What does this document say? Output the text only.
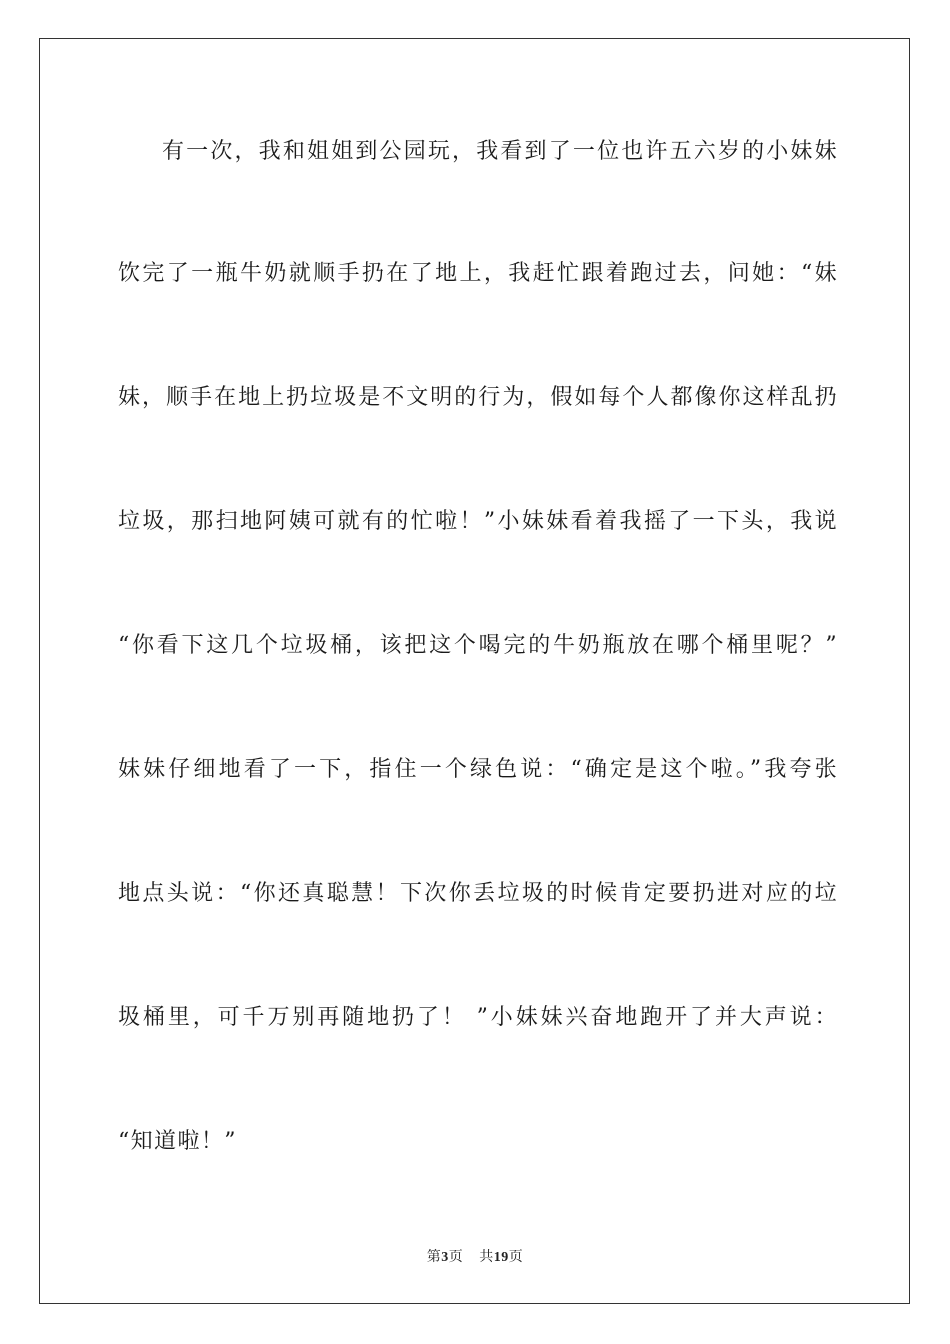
有一次，我和姐姐到公园玩，我看到了一位也许五六岁的小妹妹
饮完了一瓶牛奶就顺手扔在了地上，我赶忙跟着跑过去，问她：“妹
妹，顺手在地上扔垃圾是不文明的行为，假如每个人都像你这样乱扔
垃圾，那扫地阿姨可就有的忙啦！”小妹妹看着我摇了一下头，我说
“你看下这几个垃圾桶，该把这个喝完的牛奶瓶放在哪个桶里呢？”
妹妹仔细地看了一下，指住一个绿色说：“确定是这个啦。”我夸张
地点头说：“你还真聪慧！下次你丢垃圾的时候肯定要扔进对应的垃
圾桶里，可千万别再随地扔了！ ”小妹妹兴奋地跑开了并大声说：
“知道啦！”
第3页 共19页
